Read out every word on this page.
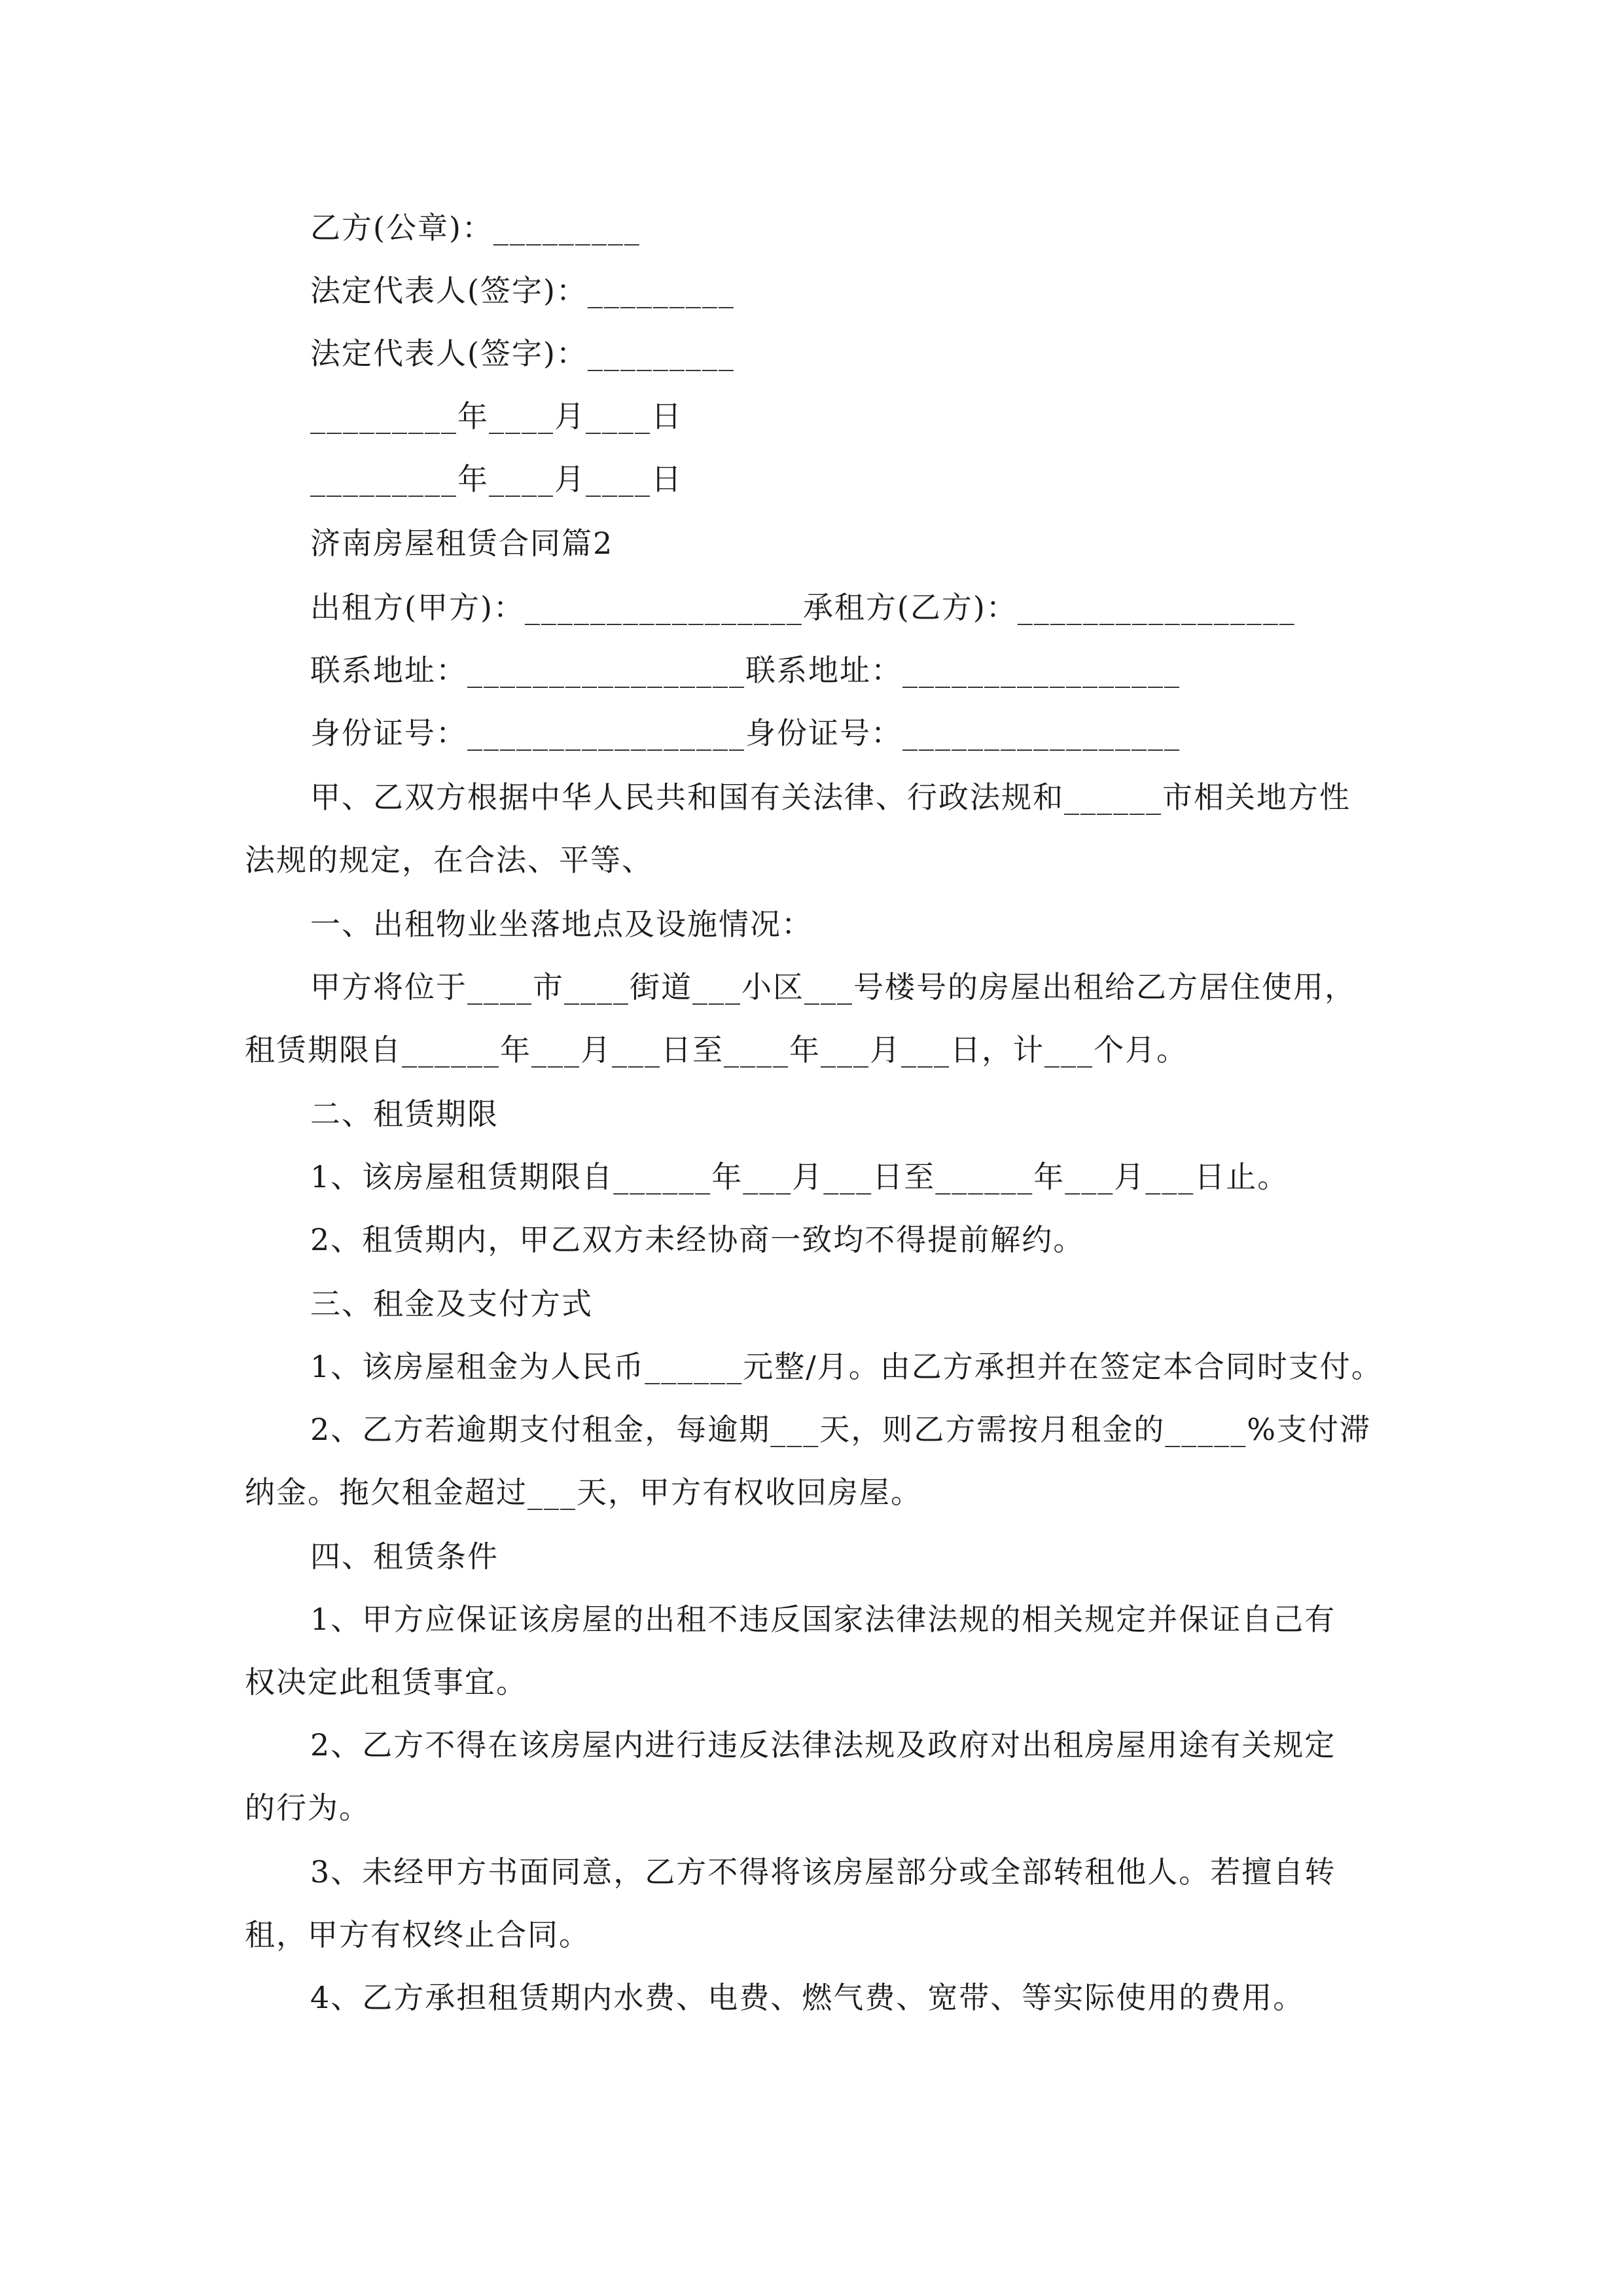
乙方(公章)：_________
法定代表人(签字)：_________
法定代表人(签字)：_________
_________年____月____日
_________年____月____日
济南房屋租赁合同篇2
出租方(甲方)：_________________承租方(乙方)：_________________
联系地址：_________________联系地址：_________________
身份证号：_________________身份证号：_________________
甲、乙双方根据中华人民共和国有关法律、行政法规和______市相关地方性
法规的规定，在合法、平等、
一、出租物业坐落地点及设施情况：
甲方将位于____市____街道___小区___号楼号的房屋出租给乙方居住使用，
租赁期限自______年___月___日至____年___月___日，计___个月。
二、租赁期限
1、该房屋租赁期限自______年___月___日至______年___月___日止。
2、租赁期内，甲乙双方未经协商一致均不得提前解约。
三、租金及支付方式
1、该房屋租金为人民币______元整/月。由乙方承担并在签定本合同时支付。
2、乙方若逾期支付租金，每逾期___天，则乙方需按月租金的_____%支付滞
纳金。拖欠租金超过___天，甲方有权收回房屋。
四、租赁条件
1、甲方应保证该房屋的出租不违反国家法律法规的相关规定并保证自己有
权决定此租赁事宜。
2、乙方不得在该房屋内进行违反法律法规及政府对出租房屋用途有关规定
的行为。
3、未经甲方书面同意，乙方不得将该房屋部分或全部转租他人。若擅自转
租，甲方有权终止合同。
4、乙方承担租赁期内水费、电费、燃气费、宽带、等实际使用的费用。
